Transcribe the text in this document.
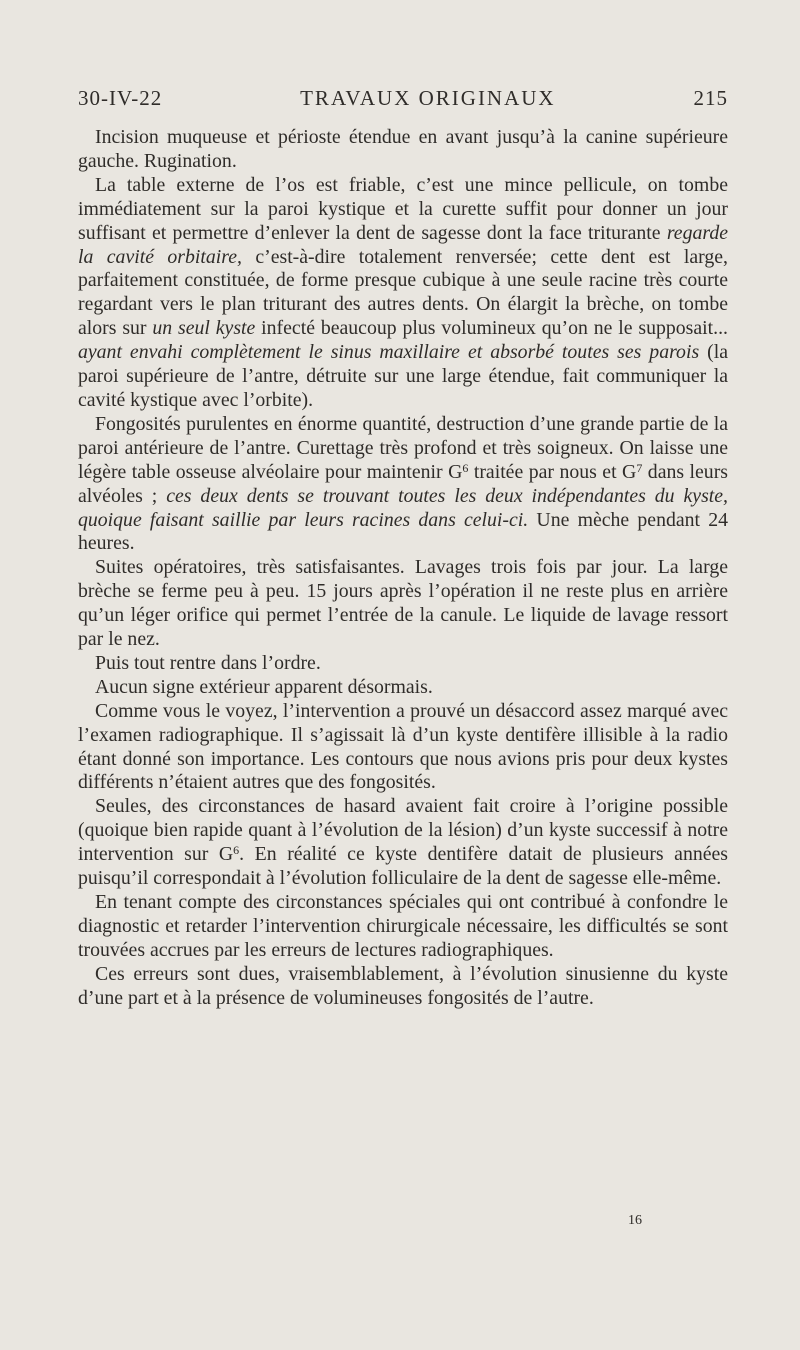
30-IV-22	TRAVAUX ORIGINAUX	215

Incision muqueuse et périoste étendue en avant jusqu’à la canine supérieure gauche. Rugination.

La table externe de l’os est friable, c’est une mince pellicule, on tombe immédiatement sur la paroi kystique et la curette suffit pour donner un jour suffisant et permettre d’enlever la dent de sagesse dont la face triturante regarde la cavité orbitaire, c’est-à-dire totalement renversée; cette dent est large, parfaitement constituée, de forme presque cubique à une seule racine très courte regardant vers le plan triturant des autres dents. On élargit la brèche, on tombe alors sur un seul kyste infecté beaucoup plus volumineux qu’on ne le supposait... ayant envahi complètement le sinus maxillaire et absorbé toutes ses parois (la paroi supérieure de l’antre, détruite sur une large étendue, fait communiquer la cavité kystique avec l’orbite).

Fongosités purulentes en énorme quantité, destruction d’une grande partie de la paroi antérieure de l’antre. Curettage très profond et très soigneux. On laisse une légère table osseuse alvéolaire pour maintenir $G^6$ traitée par nous et $G^7$ dans leurs alvéoles ; ces deux dents se trouvant toutes les deux indépendantes du kyste, quoique faisant saillie par leurs racines dans celui-ci. Une mèche pendant 24 heures.

Suites opératoires, très satisfaisantes. Lavages trois fois par jour. La large brèche se ferme peu à peu. 15 jours après l’opération il ne reste plus en arrière qu’un léger orifice qui permet l’entrée de la canule. Le liquide de lavage ressort par le nez.

Puis tout rentre dans l’ordre.

Aucun signe extérieur apparent désormais.

Comme vous le voyez, l’intervention a prouvé un désaccord assez marqué avec l’examen radiographique. Il s’agissait là d’un kyste dentifère illisible à la radio étant donné son importance. Les contours que nous avions pris pour deux kystes différents n’étaient autres que des fongosités.

Seules, des circonstances de hasard avaient fait croire à l’origine possible (quoique bien rapide quant à l’évolution de la lésion) d’un kyste successif à notre intervention sur $G^6$. En réalité ce kyste dentifère datait de plusieurs années puisqu’il correspondait à l’évolution folliculaire de la dent de sagesse elle-même.

En tenant compte des circonstances spéciales qui ont contribué à confondre le diagnostic et retarder l’intervention chirurgicale nécessaire, les difficultés se sont trouvées accrues par les erreurs de lectures radiographiques.

Ces erreurs sont dues, vraisemblablement, à l’évolution sinusienne du kyste d’une part et à la présence de volumineuses fongosités de l’autre.

16
